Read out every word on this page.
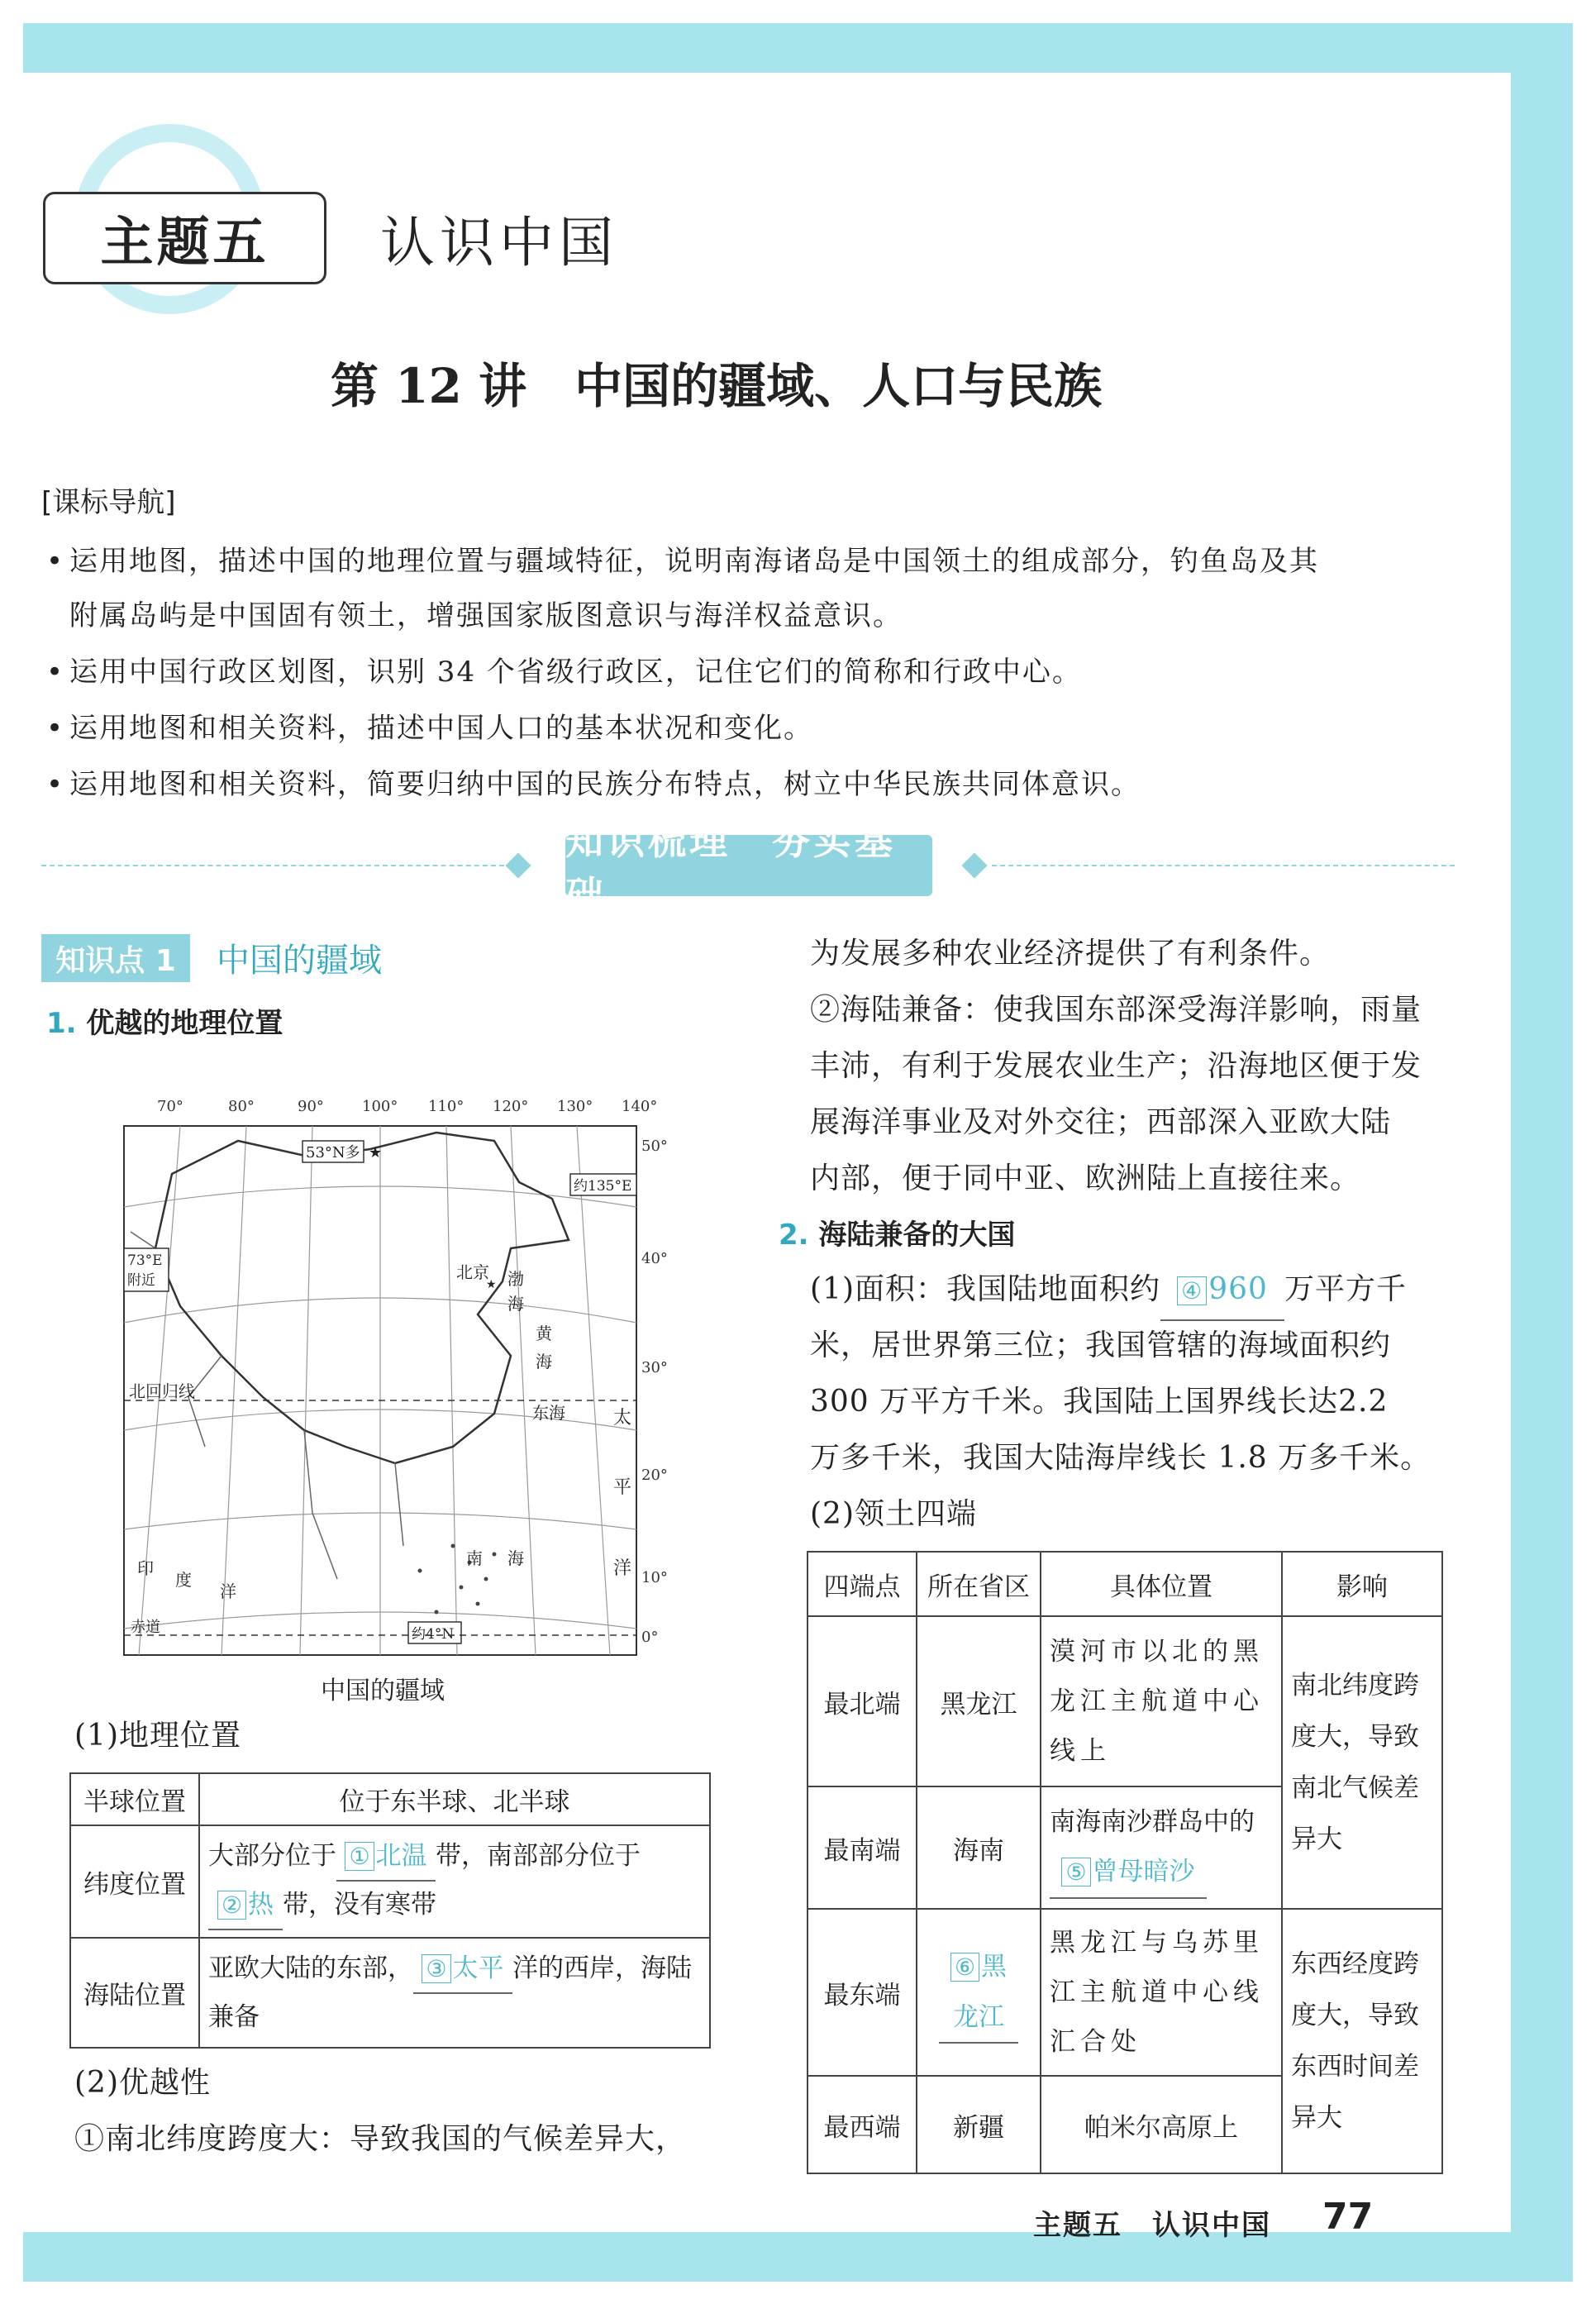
主题五	认识中国
第 12 讲　中国的疆域、人口与民族
[课标导航]
• 运用地图，描述中国的地理位置与疆域特征，说明南海诸岛是中国领土的组成部分，钓鱼岛及其
附属岛屿是中国固有领土，增强国家版图意识与海洋权益意识。
• 运用中国行政区划图，识别 34 个省级行政区，记住它们的简称和行政中心。
• 运用地图和相关资料，描述中国人口的基本状况和变化。
• 运用地图和相关资料，简要归纳中国的民族分布特点，树立中华民族共同体意识。
知识梳理　夯实基础
知识点 1	中国的疆域
1. 优越的地理位置
70°	80°	90°	100° 110° 120° 130° 140°
50°
40°
30°
20°
10°
0°
53°N多 ★
约135°E
73°E
附近	北京
★ 渤
海
黄
海
东海	太
平
洋
南 海
约4°N
北回归线
印
度
洋
赤道
中国的疆域
(1)地理位置
半球位置	位于东半球、北半球
纬度位置	大部分位于 ① 北温 带，南部部分位于
② 热 带，没有寒带
海陆位置	亚欧大陆的东部， ③ 太平 洋的西岸，海陆兼备
(2)优越性
①南北纬度跨度大：导致我国的气候差异大，
为发展多种农业经济提供了有利条件。
②海陆兼备：使我国东部深受海洋影响，雨量
丰沛，有利于发展农业生产；沿海地区便于发
展海洋事业及对外交往；西部深入亚欧大陆
内部，便于同中亚、欧洲陆上直接往来。
2. 海陆兼备的大国
(1)面积：我国陆地面积约 ④ 960 万平方千
米，居世界第三位；我国管辖的海域面积约
300 万平方千米。我国陆上国界线长达2.2
万多千米，我国大陆海岸线长 1.8 万多千米。
(2)领土四端
四端点	所在省区	具体位置	影响
最北端	黑龙江	漠河市以北的黑龙江主航道中心线上	南北纬度跨度大，导致南北气候差异大
最南端	海南	南海南沙群岛中的⑤ 曾母暗沙	
最东端	⑥ 黑龙江	黑龙江与乌苏里江主航道中心线汇合处	东西经度跨度大，导致东西时间差异大
最西端	新疆	帕米尔高原上	
主题五　认识中国 77
